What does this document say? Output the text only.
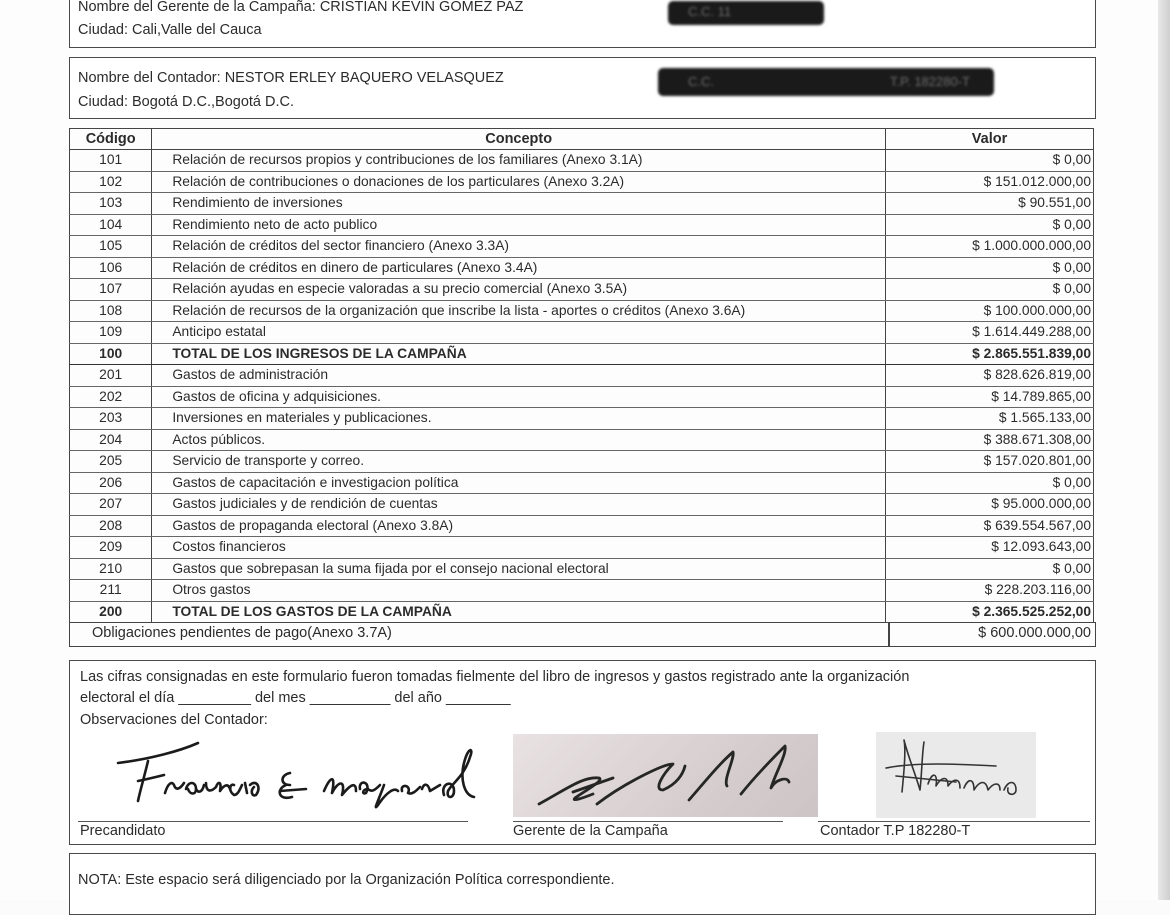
Nombre del Gerente de la Campaña: CRISTIAN KEVIN GOMEZ PAZ
Ciudad: Cali,Valle del Cauca
C.C. 11
Nombre del Contador: NESTOR ERLEY BAQUERO VELASQUEZ
Ciudad: Bogotá D.C.,Bogotá D.C.
C.C.	T.P. 182280-T
Código	Concepto	Valor
101	Relación de recursos propios y contribuciones de los familiares (Anexo 3.1A)	$ 0,00
102	Relación de contribuciones o donaciones de los particulares (Anexo 3.2A)	$ 151.012.000,00
103	Rendimiento de inversiones	$ 90.551,00
104	Rendimiento neto de acto publico	$ 0,00
105	Relación de créditos del sector financiero (Anexo 3.3A)	$ 1.000.000.000,00
106	Relación de créditos en dinero de particulares (Anexo 3.4A)	$ 0,00
107	Relación ayudas en especie valoradas a su precio comercial (Anexo 3.5A)	$ 0,00
108	Relación de recursos de la organización que inscribe la lista - aportes o créditos (Anexo 3.6A)	$ 100.000.000,00
109	Anticipo estatal	$ 1.614.449.288,00
100	TOTAL DE LOS INGRESOS DE LA CAMPAÑA	$ 2.865.551.839,00
201	Gastos de administración	$ 828.626.819,00
202	Gastos de oficina y adquisiciones.	$ 14.789.865,00
203	Inversiones en materiales y publicaciones.	$ 1.565.133,00
204	Actos públicos.	$ 388.671.308,00
205	Servicio de transporte y correo.	$ 157.020.801,00
206	Gastos de capacitación e investigacion política	$ 0,00
207	Gastos judiciales y de rendición de cuentas	$ 95.000.000,00
208	Gastos de propaganda electoral (Anexo 3.8A)	$ 639.554.567,00
209	Costos financieros	$ 12.093.643,00
210	Gastos que sobrepasan la suma fijada por el consejo nacional electoral	$ 0,00
211	Otros gastos	$ 228.203.116,00
200	TOTAL DE LOS GASTOS DE LA CAMPAÑA	$ 2.365.525.252,00
Obligaciones pendientes de pago(Anexo 3.7A)	$ 600.000.000,00
Las cifras consignadas en este formulario fueron tomadas fielmente del libro de ingresos y gastos registrado ante la organización
electoral el día _________ del mes __________ del año ________
Observaciones del Contador:
Precandidato	Gerente de la Campaña	Contador T.P 182280-T
NOTA: Este espacio será diligenciado por la Organización Política correspondiente.
